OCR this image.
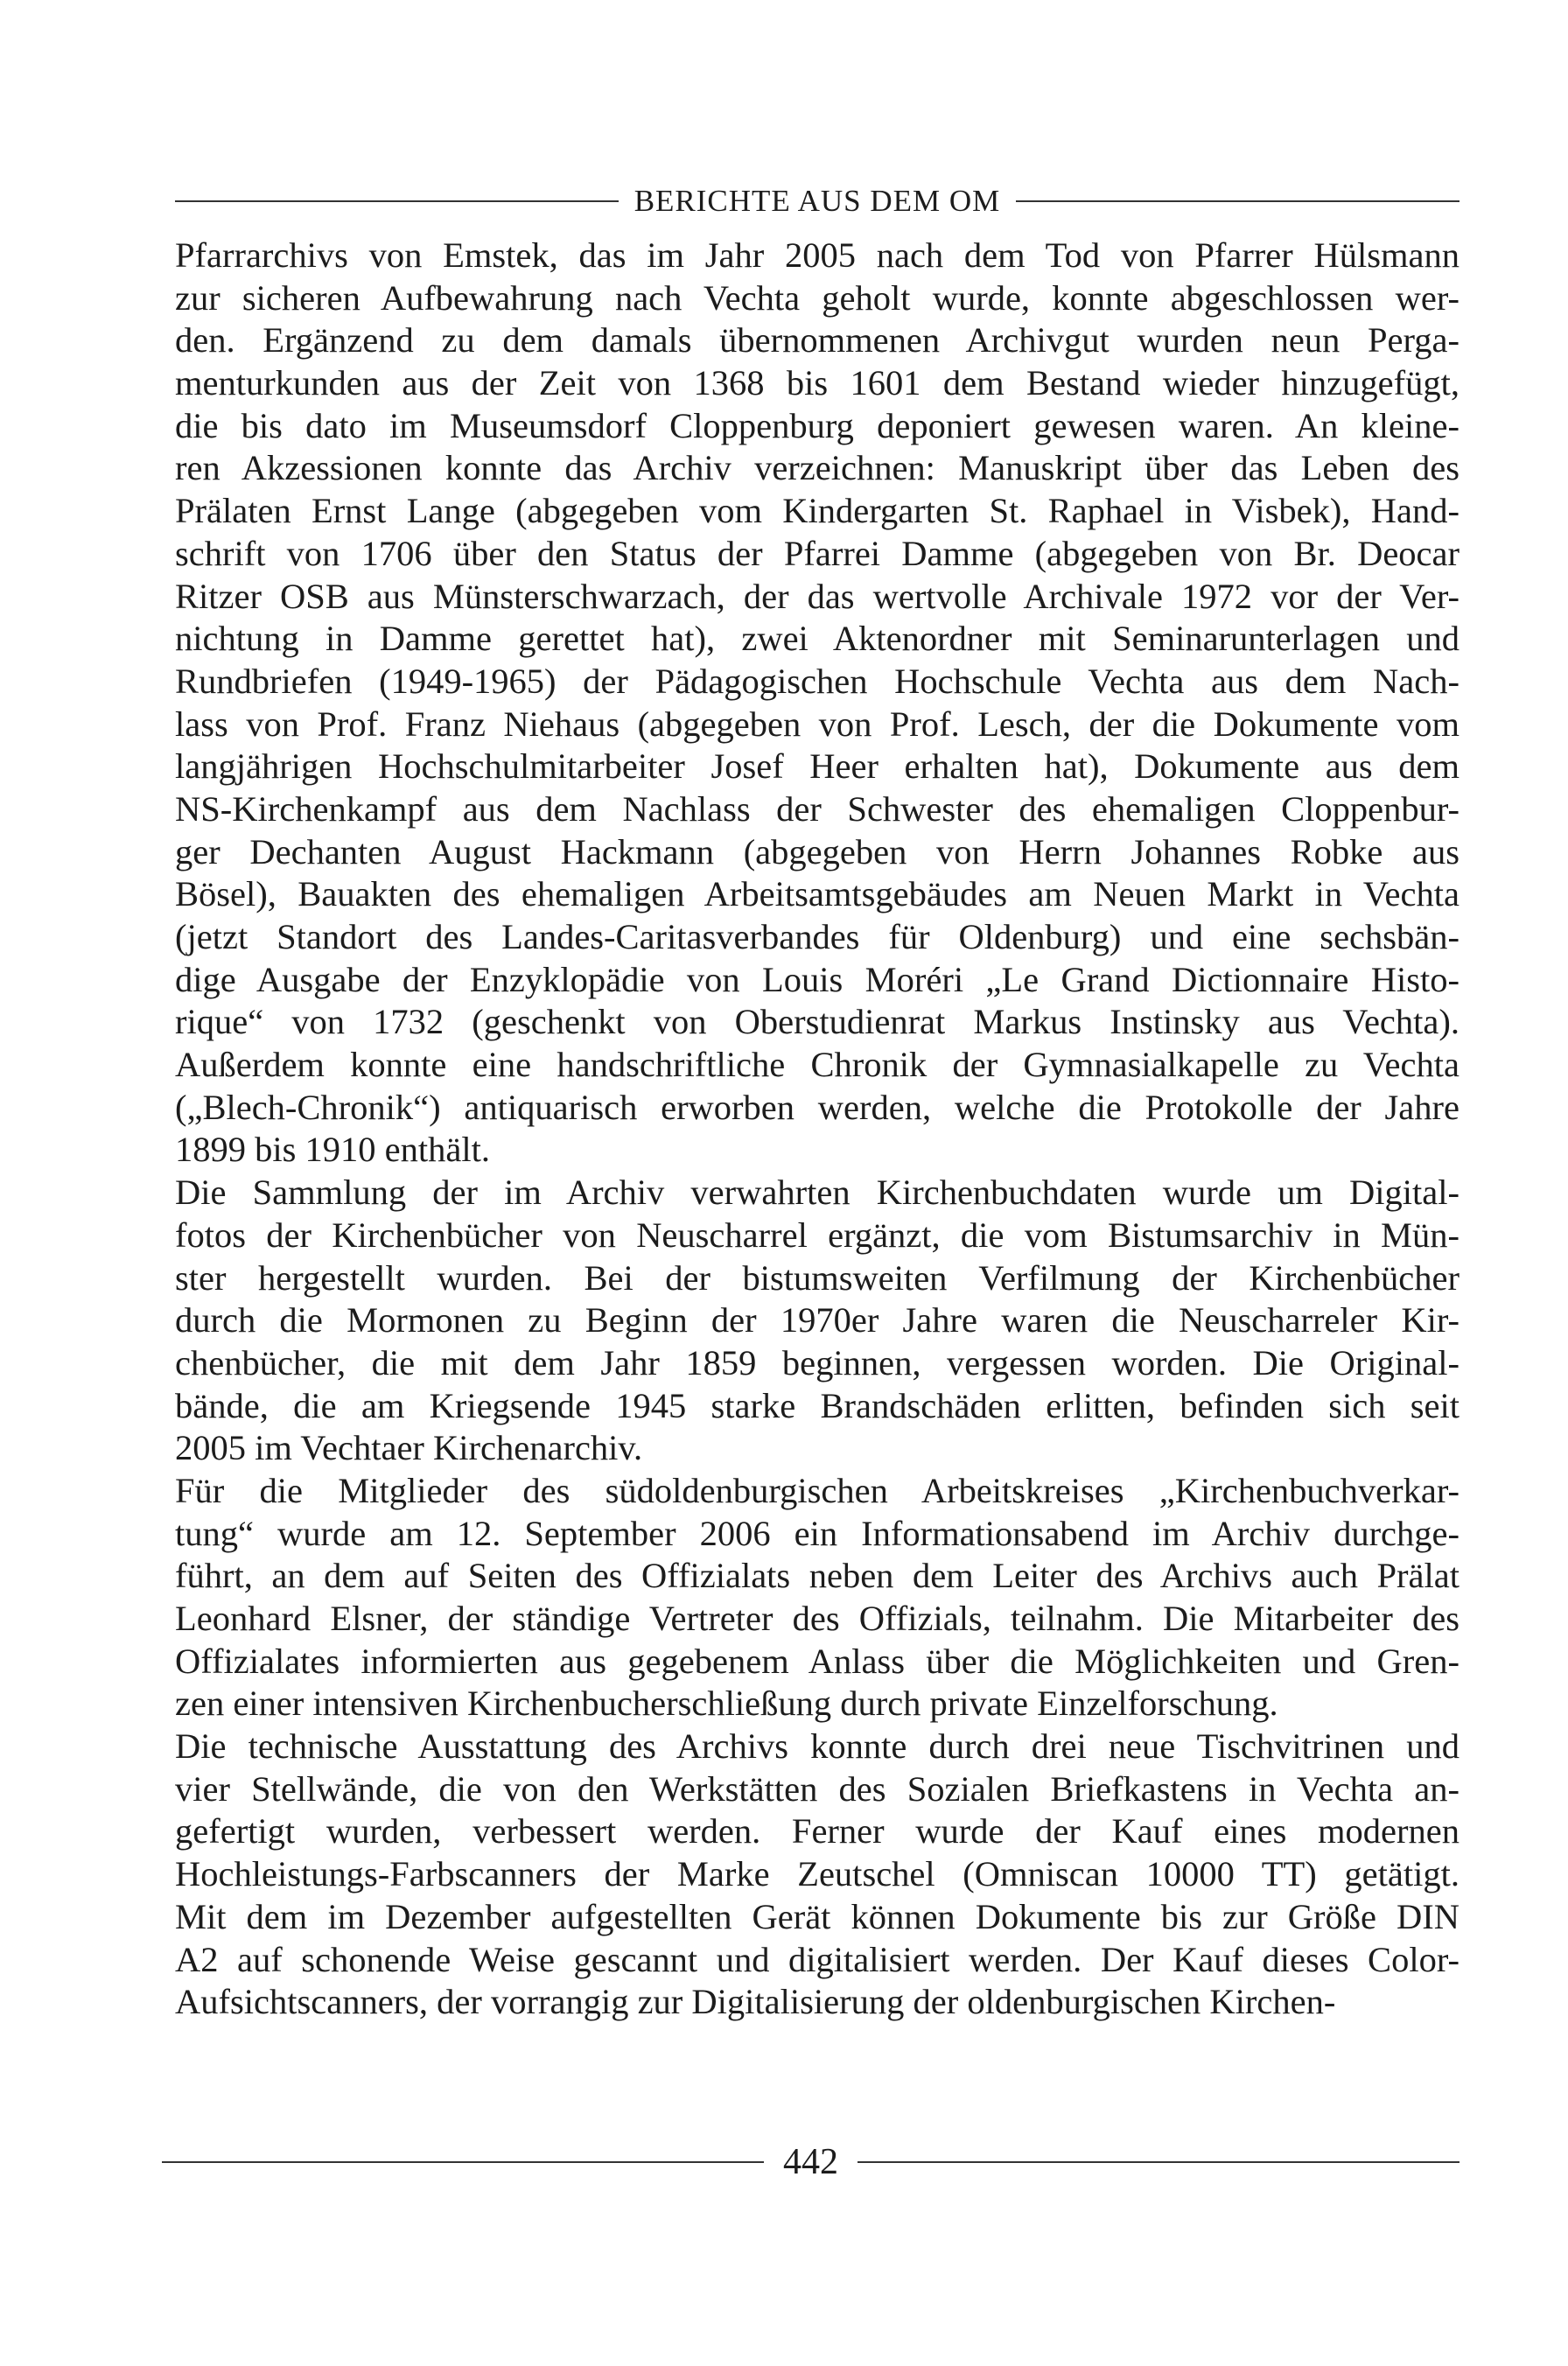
BERICHTE AUS DEM OM
Pfarrarchivs von Emstek, das im Jahr 2005 nach dem Tod von Pfarrer Hülsmann
zur sicheren Aufbewahrung nach Vechta geholt wurde, konnte abgeschlossen wer-
den. Ergänzend zu dem damals übernommenen Archivgut wurden neun Perga-
menturkunden aus der Zeit von 1368 bis 1601 dem Bestand wieder hinzugefügt,
die bis dato im Museumsdorf Cloppenburg deponiert gewesen waren. An kleine-
ren Akzessionen konnte das Archiv verzeichnen: Manuskript über das Leben des
Prälaten Ernst Lange (abgegeben vom Kindergarten St. Raphael in Visbek), Hand-
schrift von 1706 über den Status der Pfarrei Damme (abgegeben von Br. Deocar
Ritzer OSB aus Münsterschwarzach, der das wertvolle Archivale 1972 vor der Ver-
nichtung in Damme gerettet hat), zwei Aktenordner mit Seminarunterlagen und
Rundbriefen (1949-1965) der Pädagogischen Hochschule Vechta aus dem Nach-
lass von Prof. Franz Niehaus (abgegeben von Prof. Lesch, der die Dokumente vom
langjährigen Hochschulmitarbeiter Josef Heer erhalten hat), Dokumente aus dem
NS-Kirchenkampf aus dem Nachlass der Schwester des ehemaligen Cloppenbur-
ger Dechanten August Hackmann (abgegeben von Herrn Johannes Robke aus
Bösel), Bauakten des ehemaligen Arbeitsamtsgebäudes am Neuen Markt in Vechta
(jetzt Standort des Landes-Caritasverbandes für Oldenburg) und eine sechsbän-
dige Ausgabe der Enzyklopädie von Louis Moréri „Le Grand Dictionnaire Histo-
rique“ von 1732 (geschenkt von Oberstudienrat Markus Instinsky aus Vechta).
Außerdem konnte eine handschriftliche Chronik der Gymnasialkapelle zu Vechta
(„Blech-Chronik“) antiquarisch erworben werden, welche die Protokolle der Jahre
1899 bis 1910 enthält.
Die Sammlung der im Archiv verwahrten Kirchenbuchdaten wurde um Digital-
fotos der Kirchenbücher von Neuscharrel ergänzt, die vom Bistumsarchiv in Mün-
ster hergestellt wurden. Bei der bistumsweiten Verfilmung der Kirchenbücher
durch die Mormonen zu Beginn der 1970er Jahre waren die Neuscharreler Kir-
chenbücher, die mit dem Jahr 1859 beginnen, vergessen worden. Die Original-
bände, die am Kriegsende 1945 starke Brandschäden erlitten, befinden sich seit
2005 im Vechtaer Kirchenarchiv.
Für die Mitglieder des südoldenburgischen Arbeitskreises „Kirchenbuchverkar-
tung“ wurde am 12. September 2006 ein Informationsabend im Archiv durchge-
führt, an dem auf Seiten des Offizialats neben dem Leiter des Archivs auch Prälat
Leonhard Elsner, der ständige Vertreter des Offizials, teilnahm. Die Mitarbeiter des
Offizialates informierten aus gegebenem Anlass über die Möglichkeiten und Gren-
zen einer intensiven Kirchenbucherschließung durch private Einzelforschung.
Die technische Ausstattung des Archivs konnte durch drei neue Tischvitrinen und
vier Stellwände, die von den Werkstätten des Sozialen Briefkastens in Vechta an-
gefertigt wurden, verbessert werden. Ferner wurde der Kauf eines modernen
Hochleistungs-Farbscanners der Marke Zeutschel (Omniscan 10000 TT) getätigt.
Mit dem im Dezember aufgestellten Gerät können Dokumente bis zur Größe DIN
A2 auf schonende Weise gescannt und digitalisiert werden. Der Kauf dieses Color-
Aufsichtscanners, der vorrangig zur Digitalisierung der oldenburgischen Kirchen-
442
